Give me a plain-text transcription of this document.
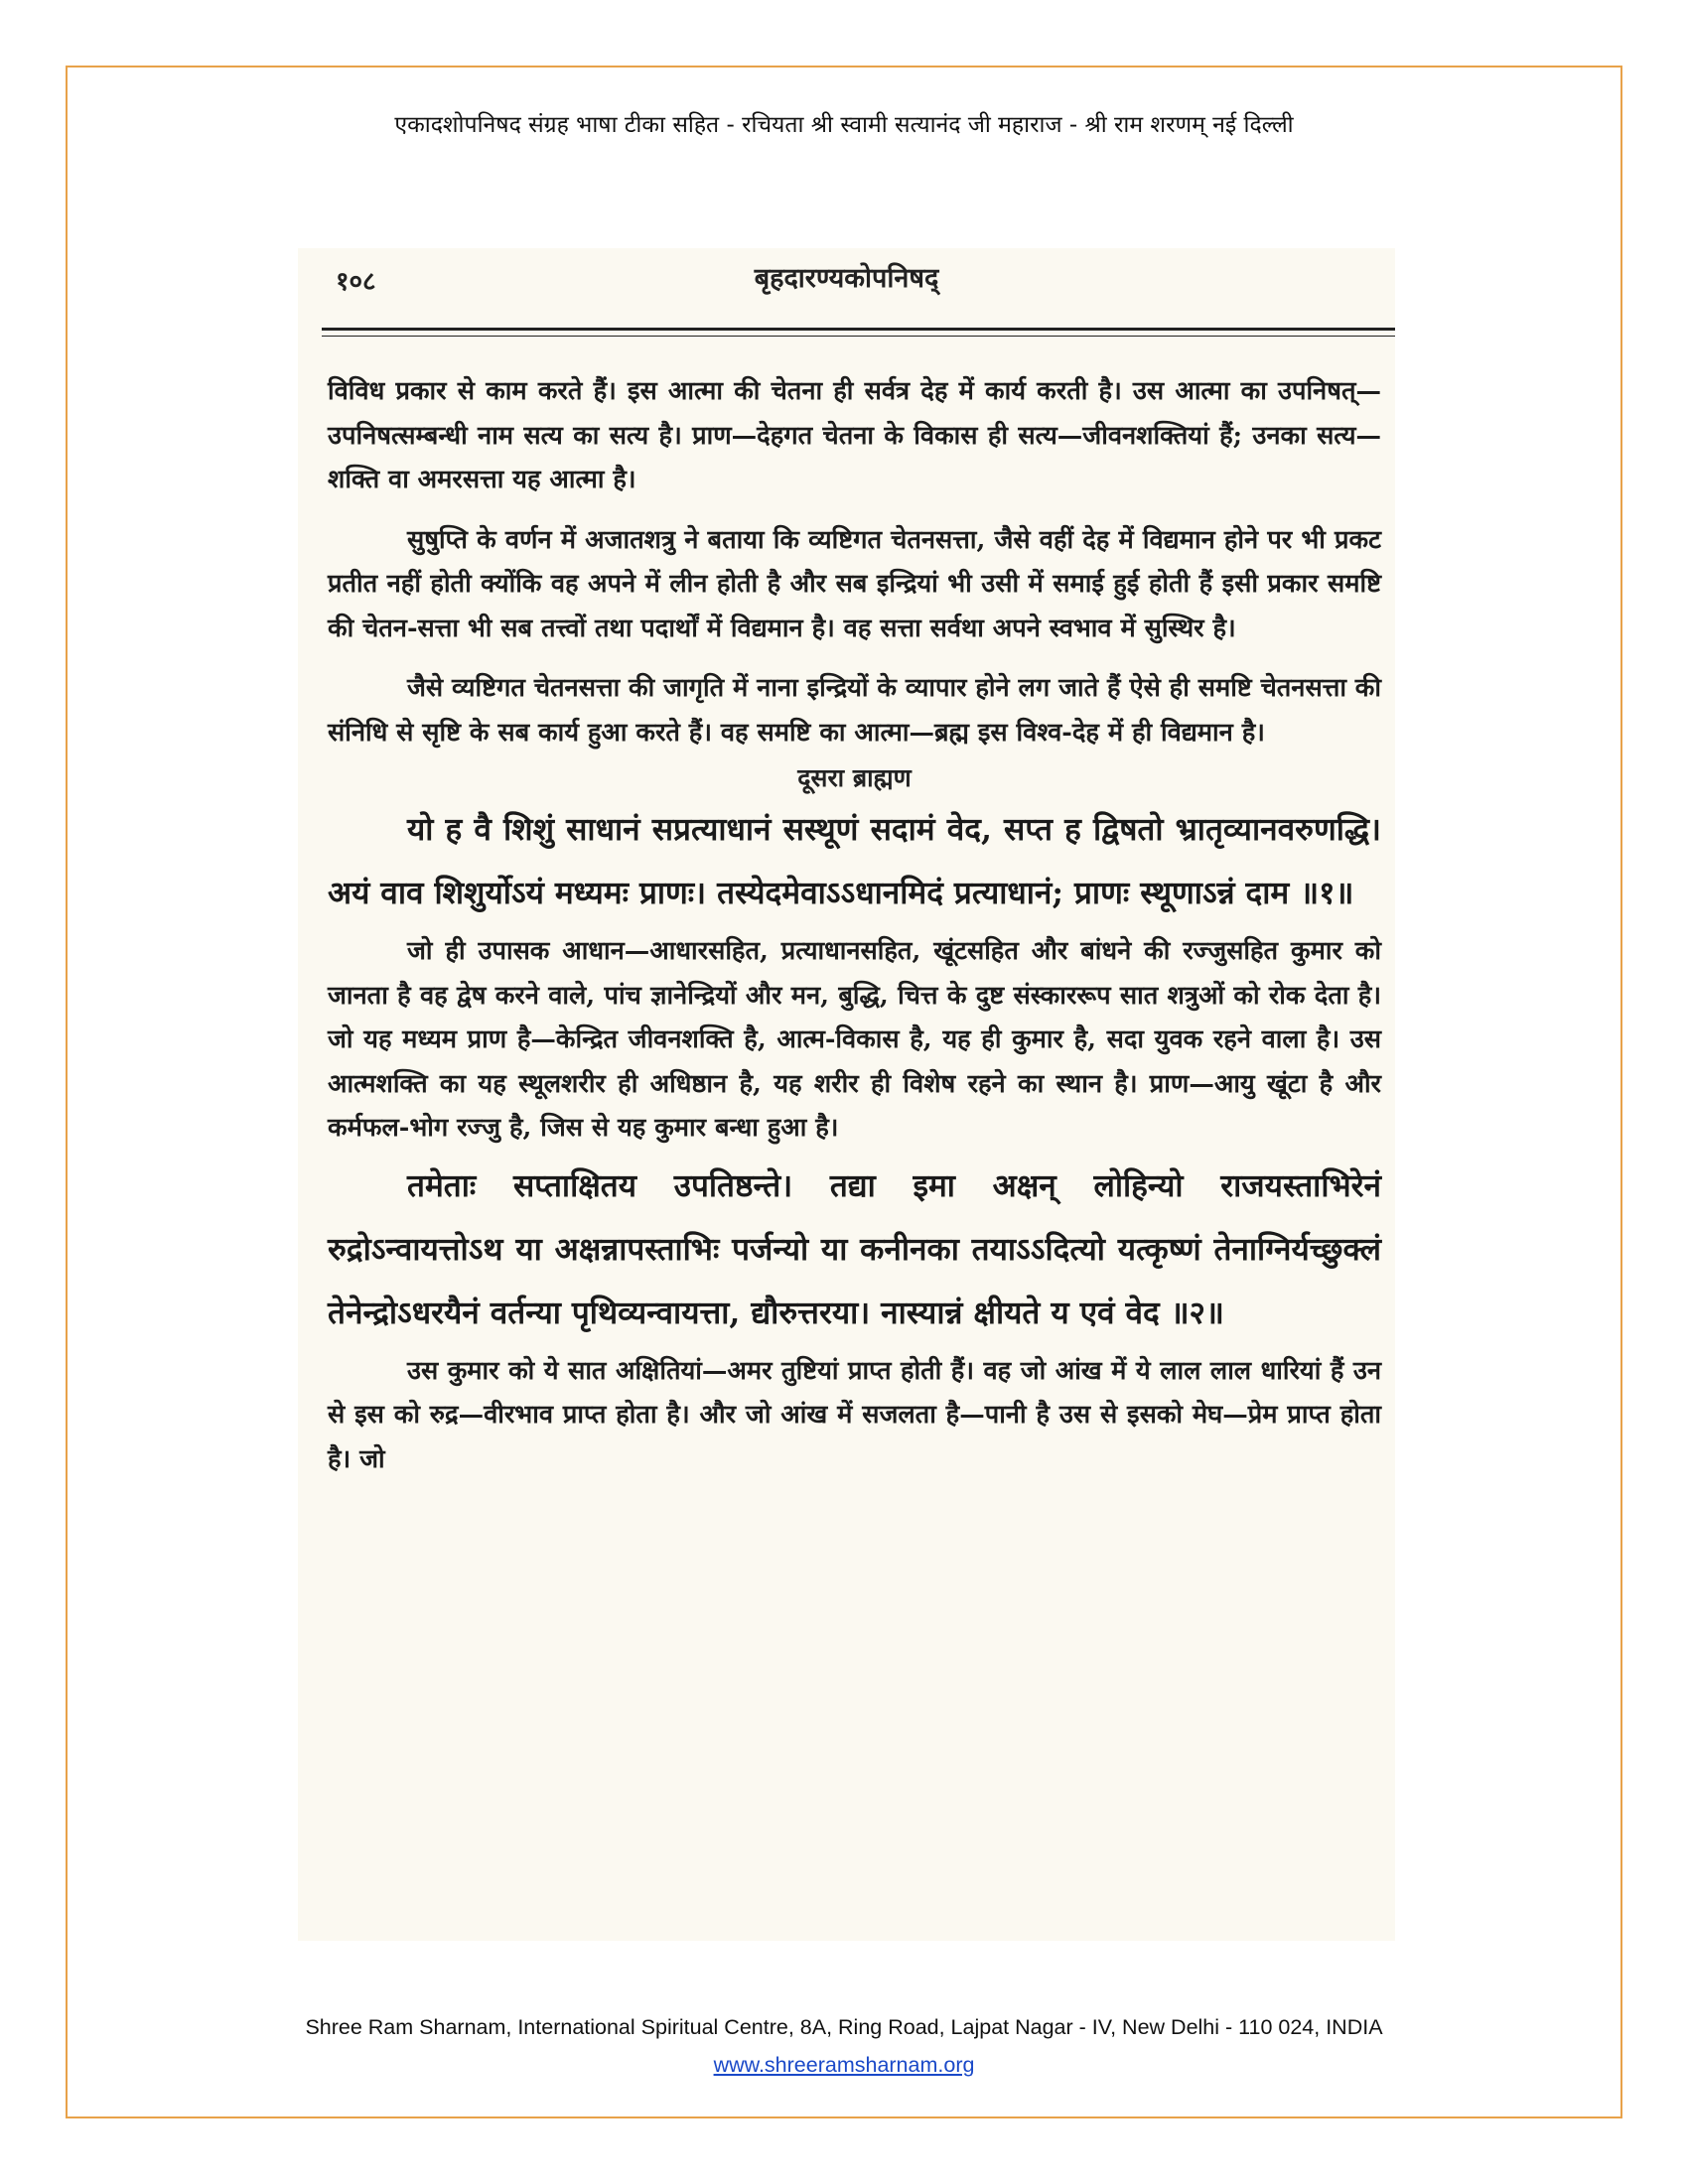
एकादशोपनिषद संग्रह भाषा टीका सहित - रचियता श्री स्वामी सत्यानंद जी महाराज - श्री राम शरणम् नई दिल्ली
१०८	बृहदारण्यकोपनिषद्

विविध प्रकार से काम करते हैं। इस आत्मा की चेतना ही सर्वत्र देह में कार्य करती है। उस आत्मा का उपनिषत्—उपनिषत्सम्बन्धी नाम सत्य का सत्य है। प्राण—देहगत चेतना के विकास ही सत्य—जीवनशक्तियां हैं; उनका सत्य—शक्ति वा अमरसत्ता यह आत्मा है।

सुषुप्ति के वर्णन में अजातशत्रु ने बताया कि व्यष्टिगत चेतनसत्ता, जैसे वहीं देह में विद्यमान होने पर भी प्रकट प्रतीत नहीं होती क्योंकि वह अपने में लीन होती है और सब इन्द्रियां भी उसी में समाई हुई होती हैं इसी प्रकार समष्टि की चेतन-सत्ता भी सब तत्त्वों तथा पदार्थों में विद्यमान है। वह सत्ता सर्वथा अपने स्वभाव में सुस्थिर है।

जैसे व्यष्टिगत चेतनसत्ता की जागृति में नाना इन्द्रियों के व्यापार होने लग जाते हैं ऐसे ही समष्टि चेतनसत्ता की संनिधि से सृष्टि के सब कार्य हुआ करते हैं। वह समष्टि का आत्मा—ब्रह्म इस विश्व-देह में ही विद्यमान है।

दूसरा ब्राह्मण

यो ह वै शिशुं साधानं सप्रत्याधानं सस्थूणं सदामं वेद, सप्त ह द्विषतो भ्रातृव्यानवरुणद्धि। अयं वाव शिशुर्योऽयं मध्यमः प्राणः। तस्येदमेवाऽऽधानमिदं प्रत्याधानं; प्राणः स्थूणाऽन्नं दाम ॥१॥

जो ही उपासक आधान—आधारसहित, प्रत्याधानसहित, खूंटसहित और बांधने की रज्जुसहित कुमार को जानता है वह द्वेष करने वाले, पांच ज्ञानेन्द्रियों और मन, बुद्धि, चित्त के दुष्ट संस्काररूप सात शत्रुओं को रोक देता है। जो यह मध्यम प्राण है—केन्द्रित जीवनशक्ति है, आत्म-विकास है, यह ही कुमार है, सदा युवक रहने वाला है। उस आत्मशक्ति का यह स्थूलशरीर ही अधिष्ठान है, यह शरीर ही विशेष रहने का स्थान है। प्राण—आयु खूंटा है और कर्मफल-भोग रज्जु है, जिस से यह कुमार बन्धा हुआ है।

तमेताः सप्ताक्षितय उपतिष्ठन्ते। तद्या इमा अक्षन् लोहिन्यो राजयस्ताभिरेनं रुद्रोऽन्वायत्तोऽथ या अक्षन्नापस्ताभिः पर्जन्यो या कनीनका तयाऽऽदित्यो यत्कृष्णं तेनाग्निर्यच्छुक्लं तेनेन्द्रोऽधरयैनं वर्तन्या पृथिव्यन्वायत्ता, द्यौरुत्तरया। नास्यान्नं क्षीयते य एवं वेद ॥२॥

उस कुमार को ये सात अक्षितियां—अमर तुष्टियां प्राप्त होती हैं। वह जो आंख में ये लाल लाल धारियां हैं उन से इस को रुद्र—वीरभाव प्राप्त होता है। और जो आंख में सजलता है—पानी है उस से इसको मेघ—प्रेम प्राप्त होता है। जो

Shree Ram Sharnam, International Spiritual Centre, 8A, Ring Road, Lajpat Nagar - IV, New Delhi - 110 024, INDIA
www.shreeramsharnam.org
